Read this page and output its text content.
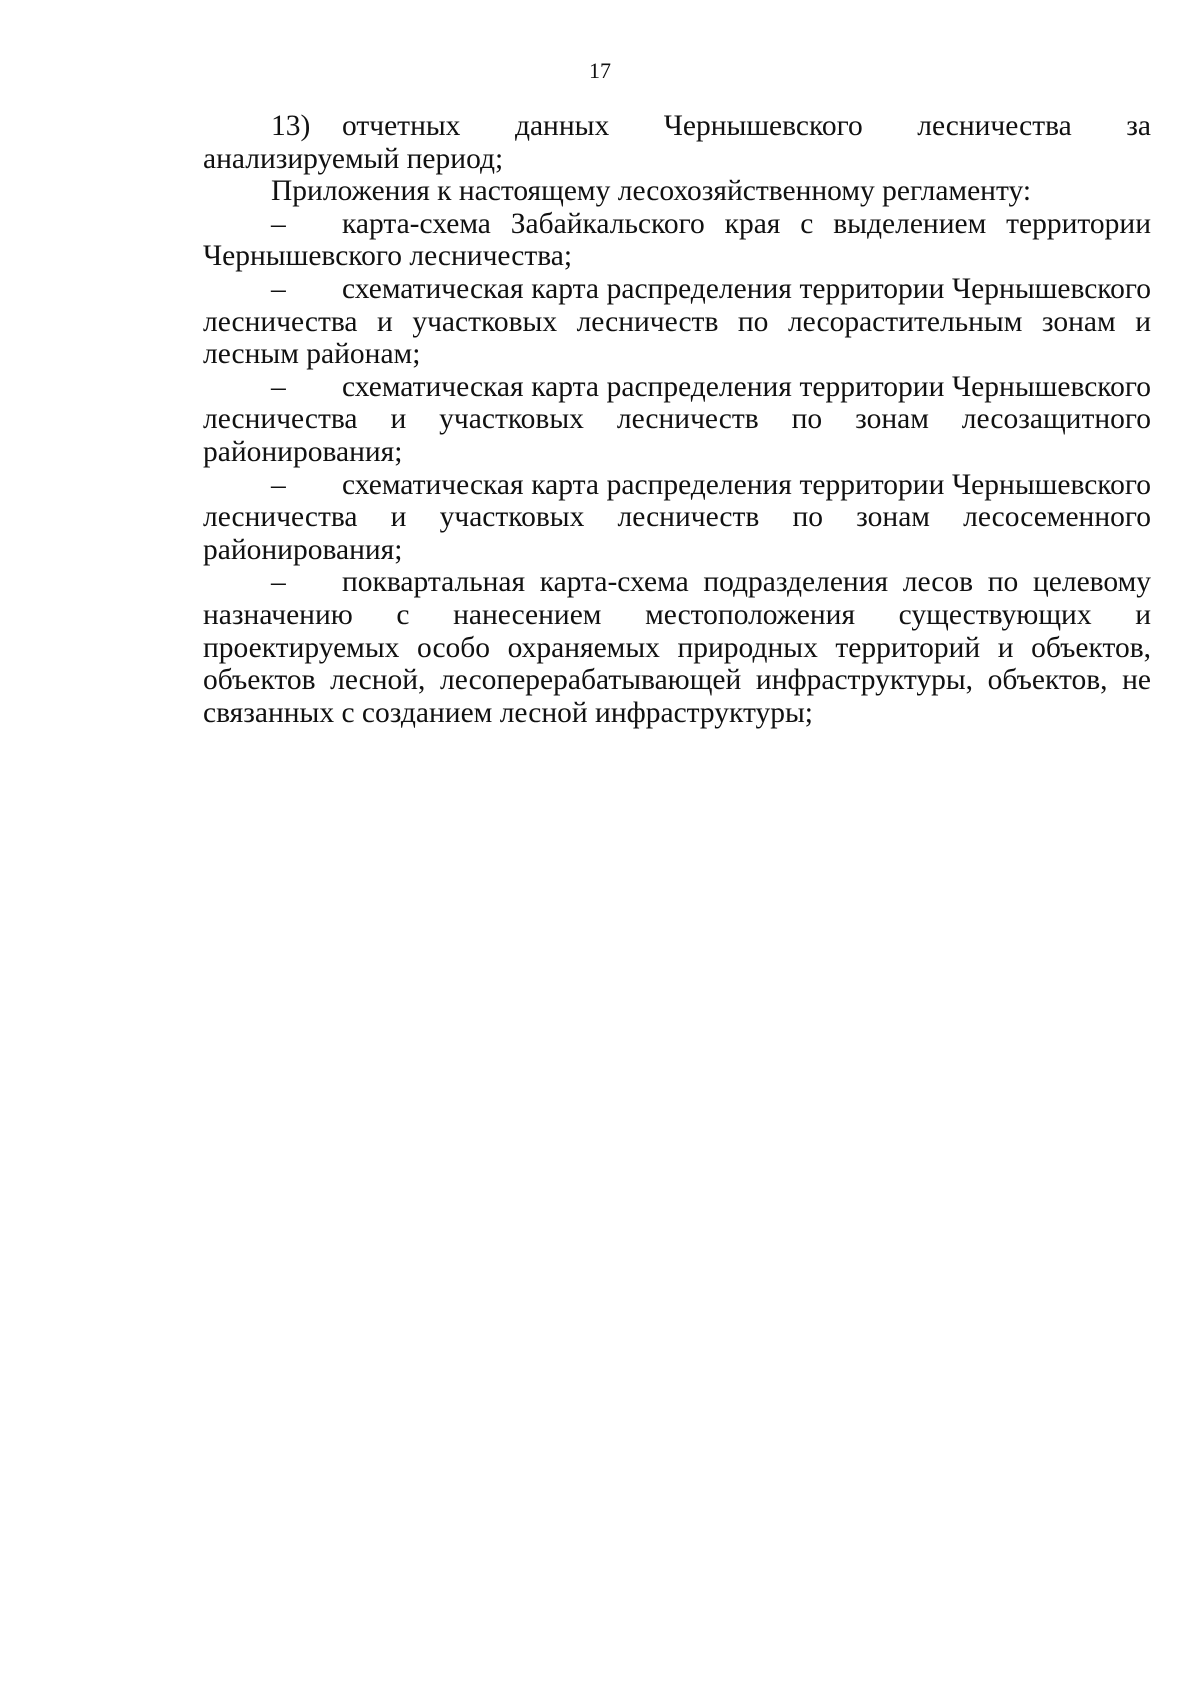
17

13) отчетных данных Чернышевского лесничества за анализируемый период;

Приложения к настоящему лесохозяйственному регламенту:

– карта-схема Забайкальского края с выделением территории Чернышевского лесничества;

– схематическая карта распределения территории Чернышевского лесничества и участковых лесничеств по лесорастительным зонам и лесным районам;

– схематическая карта распределения территории Чернышевского лесничества и участковых лесничеств по зонам лесозащитного районирования;

– схематическая карта распределения территории Чернышевского лесничества и участковых лесничеств по зонам лесосеменного районирования;

– поквартальная карта-схема подразделения лесов по целевому назначению с нанесением местоположения существующих и проектируемых особо охраняемых природных территорий и объектов, объектов лесной, лесоперерабатывающей инфраструктуры, объектов, не связанных с созданием лесной инфраструктуры;
